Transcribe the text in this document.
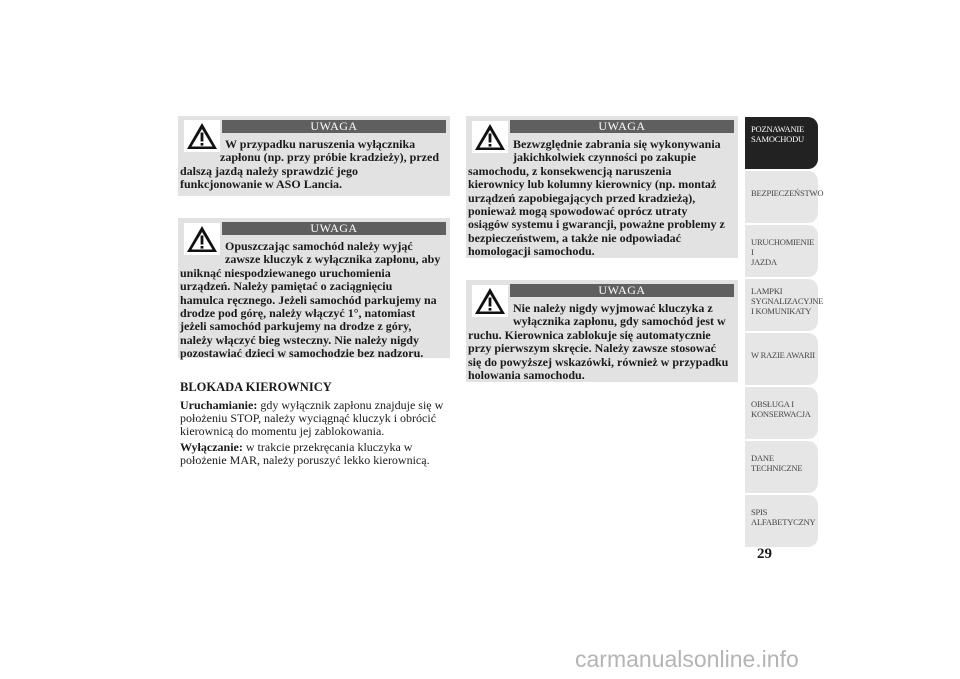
UWAGA

W przypadku naruszenia wyłącznika
zapłonu (np. przy próbie kradzieży), przed
dalszą jazdą należy sprawdzić jego
funkcjonowanie w ASO Lancia.

UWAGA

Opuszczając samochód należy wyjąć
zawsze kluczyk z wyłącznika zapłonu, aby
uniknąć niespodziewanego uruchomienia
urządzeń. Należy pamiętać o zaciągnięciu
hamulca ręcznego. Jeżeli samochód parkujemy na
drodze pod górę, należy włączyć 1°, natomiast
jeżeli samochód parkujemy na drodze z góry,
należy włączyć bieg wsteczny. Nie należy nigdy
pozostawiać dzieci w samochodzie bez nadzoru.

BLOKADA KIEROWNICY

Uruchamianie: gdy wyłącznik zapłonu znajduje się w
położeniu STOP, należy wyciągnąć kluczyk i obrócić
kierownicą do momentu jej zablokowania.

Wyłączanie: w trakcie przekręcania kluczyka w
położenie MAR, należy poruszyć lekko kierownicą.

UWAGA

Bezwzględnie zabrania się wykonywania
jakichkolwiek czynności po zakupie
samochodu, z konsekwencją naruszenia
kierownicy lub kolumny kierownicy (np. montaż
urządzeń zapobiegających przed kradzieżą),
ponieważ mogą spowodować oprócz utraty
osiągów systemu i gwarancji, poważne problemy z
bezpieczeństwem, a także nie odpowiadać
homologacji samochodu.

UWAGA

Nie należy nigdy wyjmować kluczyka z
wyłącznika zapłonu, gdy samochód jest w
ruchu. Kierownica zablokuje się automatycznie
przy pierwszym skręcie. Należy zawsze stosować
się do powyższej wskazówki, również w przypadku
holowania samochodu.

POZNAWANIE
SAMOCHODU
BEZPIECZEŃSTWO
URUCHOMIENIE I
JAZDA
LAMPKI
SYGNALIZACYJNE
I KOMUNIKATY
W RAZIE AWARII
OBSŁUGA I
KONSERWACJA
DANE
TECHNICZNE
SPIS
ALFABETYCZNY

29

carmanualsonline.info
